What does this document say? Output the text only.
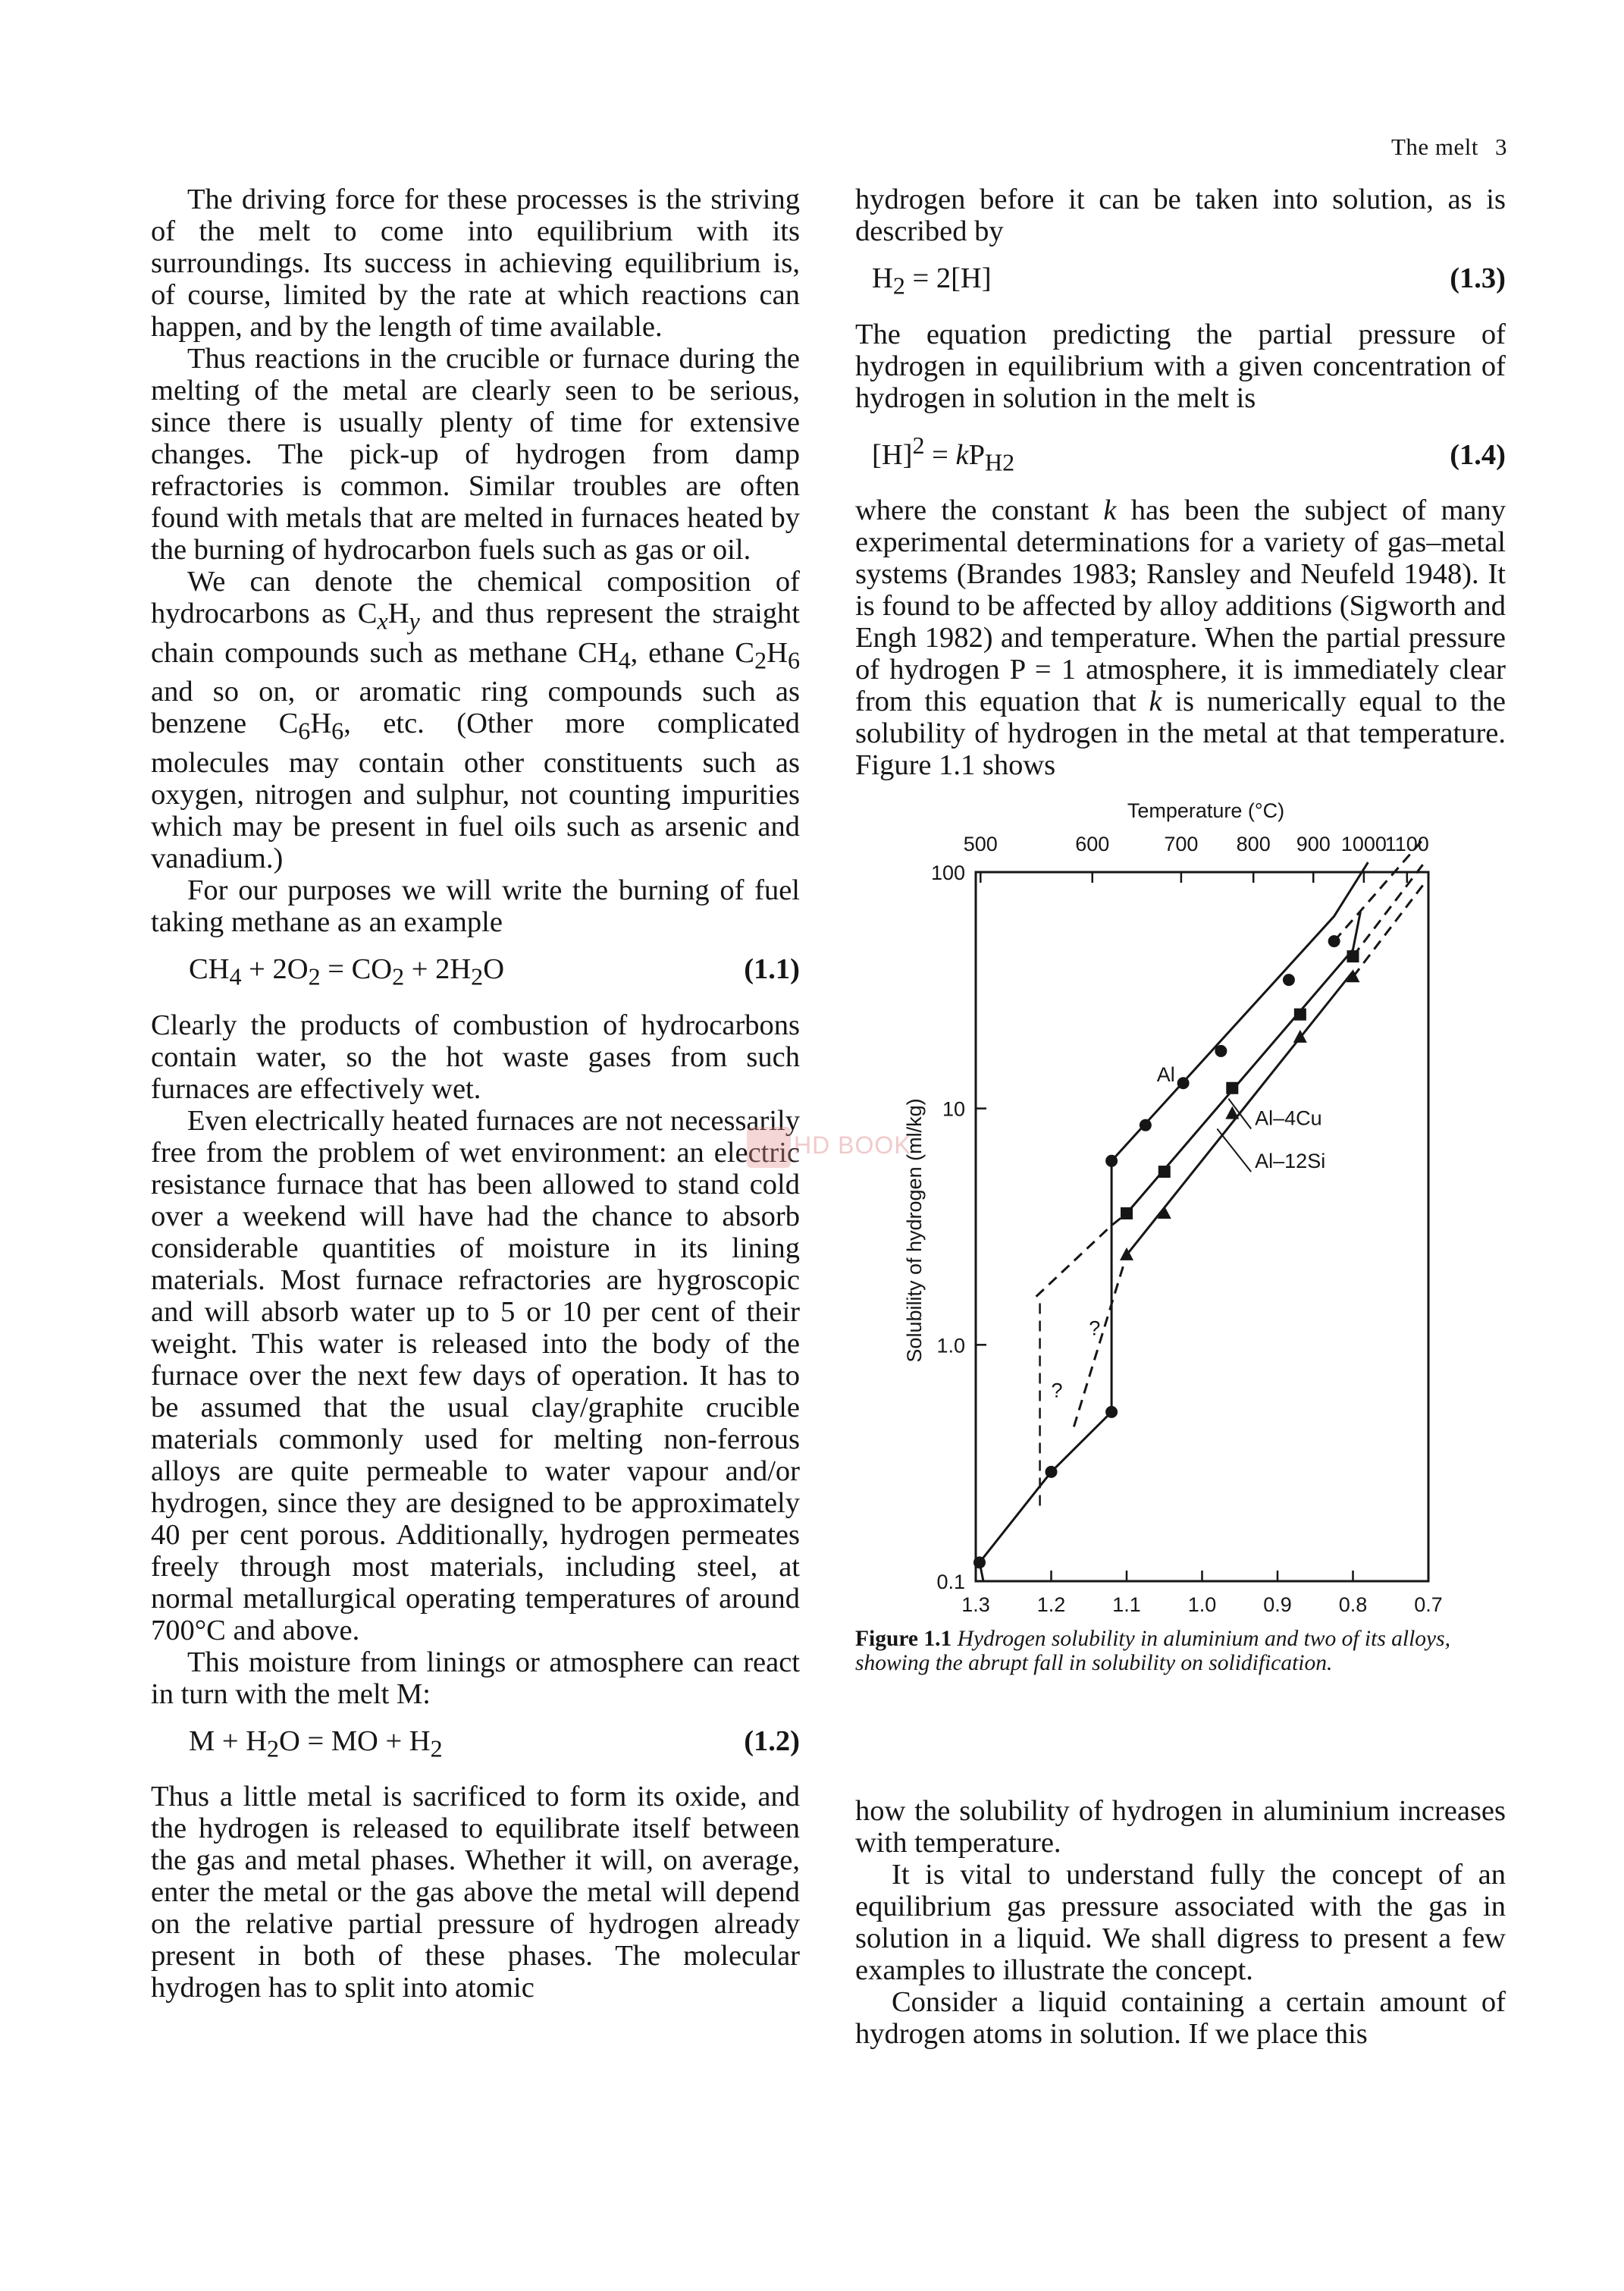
The melt 3

The driving force for these processes is the striving of the melt to come into equilibrium with its surroundings. Its success in achieving equilibrium is, of course, limited by the rate at which reactions can happen, and by the length of time available.

Thus reactions in the crucible or furnace during the melting of the metal are clearly seen to be serious, since there is usually plenty of time for extensive changes. The pick-up of hydrogen from damp refractories is common. Similar troubles are often found with metals that are melted in furnaces heated by the burning of hydrocarbon fuels such as gas or oil.

We can denote the chemical composition of hydrocarbons as $C_xH_y$ and thus represent the straight chain compounds such as methane $CH_4$, ethane $C_2H_6$ and so on, or aromatic ring compounds such as benzene $C_6H_6$, etc. (Other more complicated molecules may contain other constituents such as oxygen, nitrogen and sulphur, not counting impurities which may be present in fuel oils such as arsenic and vanadium.)

For our purposes we will write the burning of fuel taking methane as an example

$CH_4 + 2O_2 = CO_2 + 2H_2O$	(1.1)

Clearly the products of combustion of hydrocarbons contain water, so the hot waste gases from such furnaces are effectively wet.

Even electrically heated furnaces are not necessarily free from the problem of wet environment: an electric resistance furnace that has been allowed to stand cold over a weekend will have had the chance to absorb considerable quantities of moisture in its lining materials. Most furnace refractories are hygroscopic and will absorb water up to 5 or 10 per cent of their weight. This water is released into the body of the furnace over the next few days of operation. It has to be assumed that the usual clay/graphite crucible materials commonly used for melting non-ferrous alloys are quite permeable to water vapour and/or hydrogen, since they are designed to be approximately 40 per cent porous. Additionally, hydrogen permeates freely through most materials, including steel, at normal metallurgical operating temperatures of around 700°C and above.

This moisture from linings or atmosphere can react in turn with the melt M:

$M + H_2O$ = MO + $H_2$	(1.2)

Thus a little metal is sacrificed to form its oxide, and the hydrogen is released to equilibrate itself between the gas and metal phases. Whether it will, on average, enter the metal or the gas above the metal will depend on the relative partial pressure of hydrogen already present in both of these phases. The molecular hydrogen has to split into atomic

hydrogen before it can be taken into solution, as is described by

$H_2 = 2[H]$	(1.3)

The equation predicting the partial pressure of hydrogen in equilibrium with a given concentration of hydrogen in solution in the melt is

$[H]^2 = kP_{H2}$	(1.4)

where the constant k has been the subject of many experimental determinations for a variety of gas–metal systems (Brandes 1983; Ransley and Neufeld 1948). It is found to be affected by alloy additions (Sigworth and Engh 1982) and temperature. When the partial pressure of hydrogen P = 1 atmosphere, it is immediately clear from this equation that k is numerically equal to the solubility of hydrogen in the metal at that temperature. Figure 1.1 shows

1.3 1.2 1.1 1.0 0.9 0.8 0.7
500	600	700 800 900 1000
1100
Temperature (°C)
0.1
1.0
10
100
Solubility of hydrogen (ml/kg)
Al
Al–4Cu
Al–12Si
?
?
Figure 1.1 Hydrogen solubility in aluminium and two of its alloys, showing the abrupt fall in solubility on solidification.

how the solubility of hydrogen in aluminium increases with temperature.

It is vital to understand fully the concept of an equilibrium gas pressure associated with the gas in solution in a liquid. We shall digress to present a few examples to illustrate the concept.

Consider a liquid containing a certain amount of hydrogen atoms in solution. If we place this

HD BOOK
